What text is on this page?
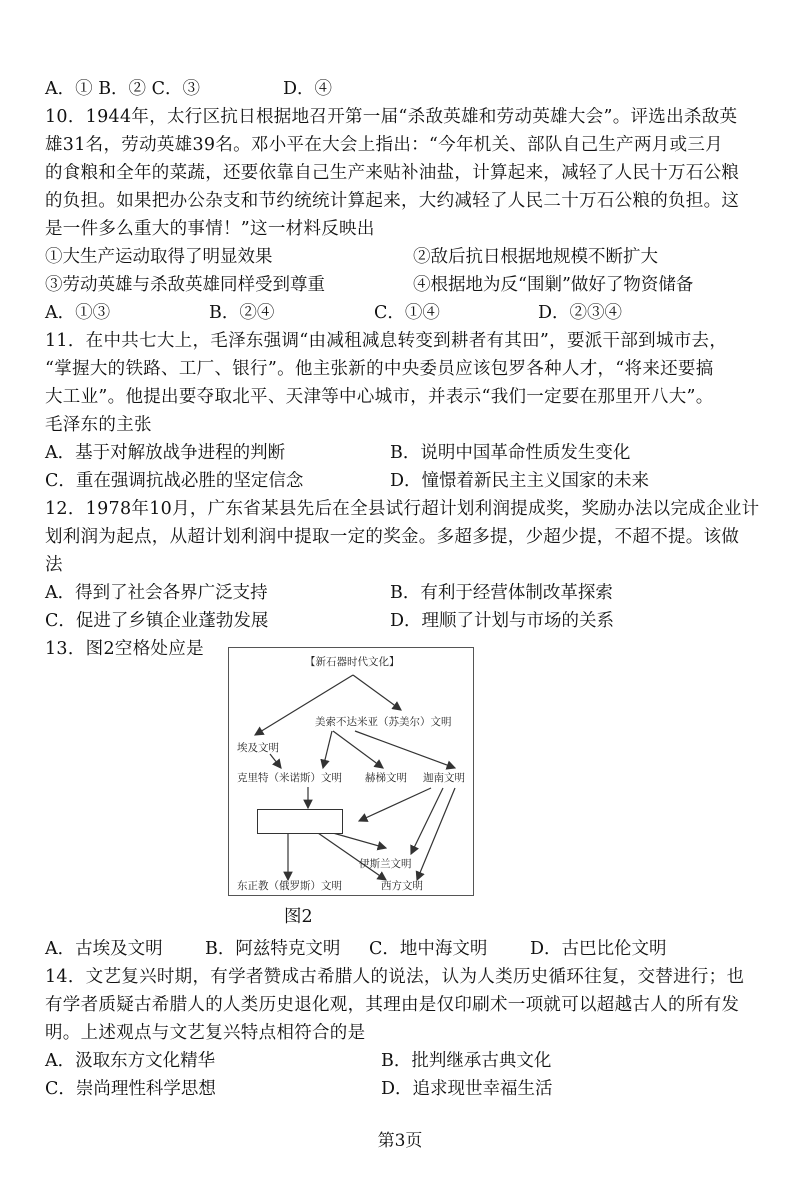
A．① B．② C．③	D．④
10．1944年，太行区抗日根据地召开第一届“杀敌英雄和劳动英雄大会”。评选出杀敌英
雄31名，劳动英雄39名。邓小平在大会上指出：“今年机关、部队自己生产两月或三月
的食粮和全年的菜蔬，还要依靠自己生产来贴补油盐，计算起来，减轻了人民十万石公粮
的负担。如果把办公杂支和节约统统计算起来，大约减轻了人民二十万石公粮的负担。这
是一件多么重大的事情！”这一材料反映出
①大生产运动取得了明显效果	②敌后抗日根据地规模不断扩大
③劳动英雄与杀敌英雄同样受到尊重	④根据地为反“围剿”做好了物资储备
A．①③	B．②④	C．①④	D．②③④
11．在中共七大上，毛泽东强调“由减租减息转变到耕者有其田”，要派干部到城市去，
“掌握大的铁路、工厂、银行”。他主张新的中央委员应该包罗各种人才，“将来还要搞
大工业”。他提出要夺取北平、天津等中心城市，并表示“我们一定要在那里开八大”。
毛泽东的主张
A．基于对解放战争进程的判断	B．说明中国革命性质发生变化
C．重在强调抗战必胜的坚定信念	D．憧憬着新民主主义国家的未来
12．1978年10月，广东省某县先后在全县试行超计划利润提成奖，奖励办法以完成企业计
划利润为起点，从超计划利润中提取一定的奖金。多超多提，少超少提，不超不提。该做
法
A．得到了社会各界广泛支持	B．有利于经营体制改革探索
C．促进了乡镇企业蓬勃发展	D．理顺了计划与市场的关系
13．图2空格处应是
【新石器时代文化】
美索不达米亚（苏美尔）文明
埃及文明
克里特（米诺斯）文明 赫梯文明 迦南文明
伊斯兰文明
东正教（俄罗斯）文明	西方文明
图2
A．古埃及文明 B．阿兹特克文明 C．地中海文明 D．古巴比伦文明
14．文艺复兴时期，有学者赞成古希腊人的说法，认为人类历史循环往复，交替进行；也
有学者质疑古希腊人的人类历史退化观，其理由是仅印刷术一项就可以超越古人的所有发
明。上述观点与文艺复兴特点相符合的是
A．汲取东方文化精华	B．批判继承古典文化
C．崇尚理性科学思想	D．追求现世幸福生活
第3页
